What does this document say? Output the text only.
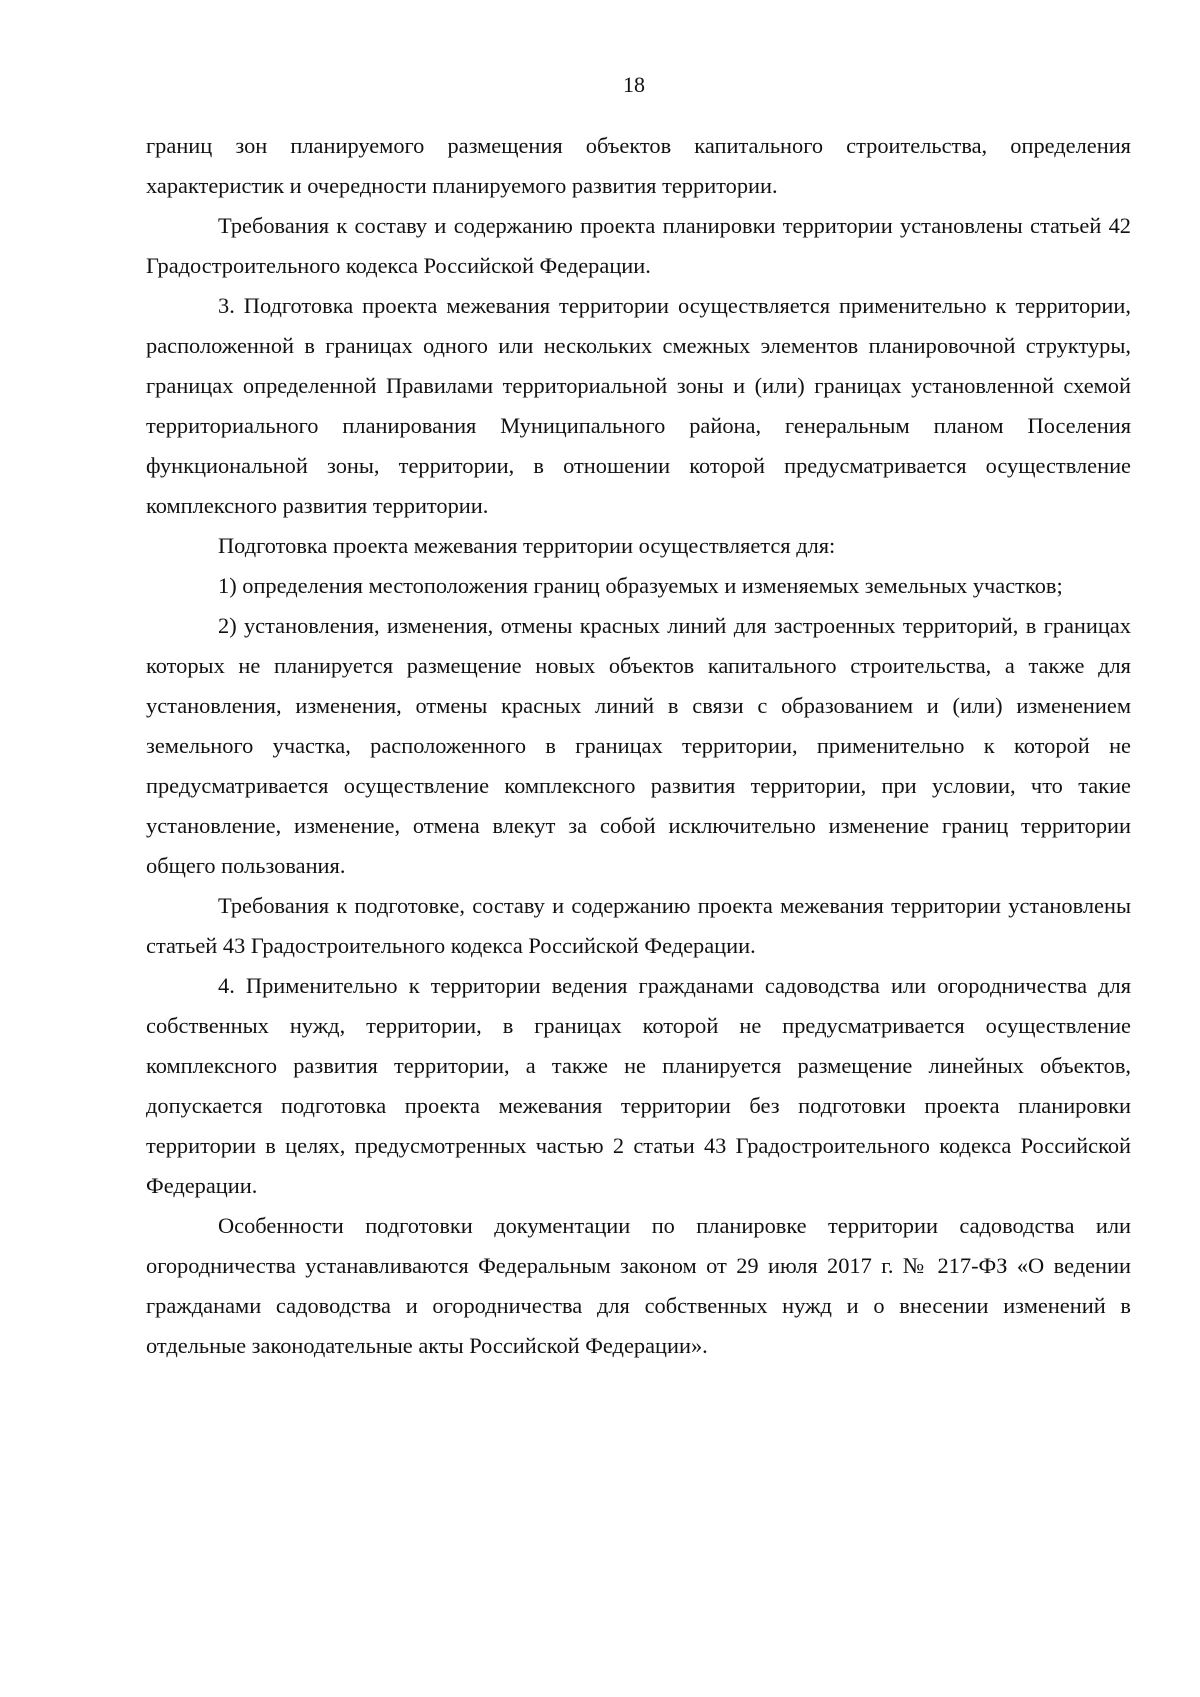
18

границ зон планируемого размещения объектов капитального строительства, определения характеристик и очередности планируемого развития территории.

Требования к составу и содержанию проекта планировки территории установлены статьей 42 Градостроительного кодекса Российской Федерации.

3. Подготовка проекта межевания территории осуществляется применительно к территории, расположенной в границах одного или нескольких смежных элементов планировочной структуры, границах определенной Правилами территориальной зоны и (или) границах установленной схемой территориального планирования Муниципального района, генеральным планом Поселения функциональной зоны, территории, в отношении которой предусматривается осуществление комплексного развития территории.

Подготовка проекта межевания территории осуществляется для:

1) определения местоположения границ образуемых и изменяемых земельных участков;

2) установления, изменения, отмены красных линий для застроенных территорий, в границах которых не планируется размещение новых объектов капитального строительства, а также для установления, изменения, отмены красных линий в связи с образованием и (или) изменением земельного участка, расположенного в границах территории, применительно к которой не предусматривается осуществление комплексного развития территории, при условии, что такие установление, изменение, отмена влекут за собой исключительно изменение границ территории общего пользования.

Требования к подготовке, составу и содержанию проекта межевания территории установлены статьей 43 Градостроительного кодекса Российской Федерации.

4. Применительно к территории ведения гражданами садоводства или огородничества для собственных нужд, территории, в границах которой не предусматривается осуществление комплексного развития территории, а также не планируется размещение линейных объектов, допускается подготовка проекта межевания территории без подготовки проекта планировки территории в целях, предусмотренных частью 2 статьи 43 Градостроительного кодекса Российской Федерации.

Особенности подготовки документации по планировке территории садоводства или огородничества устанавливаются Федеральным законом от 29 июля 2017 г. № 217-ФЗ «О ведении гражданами садоводства и огородничества для собственных нужд и о внесении изменений в отдельные законодательные акты Российской Федерации».
